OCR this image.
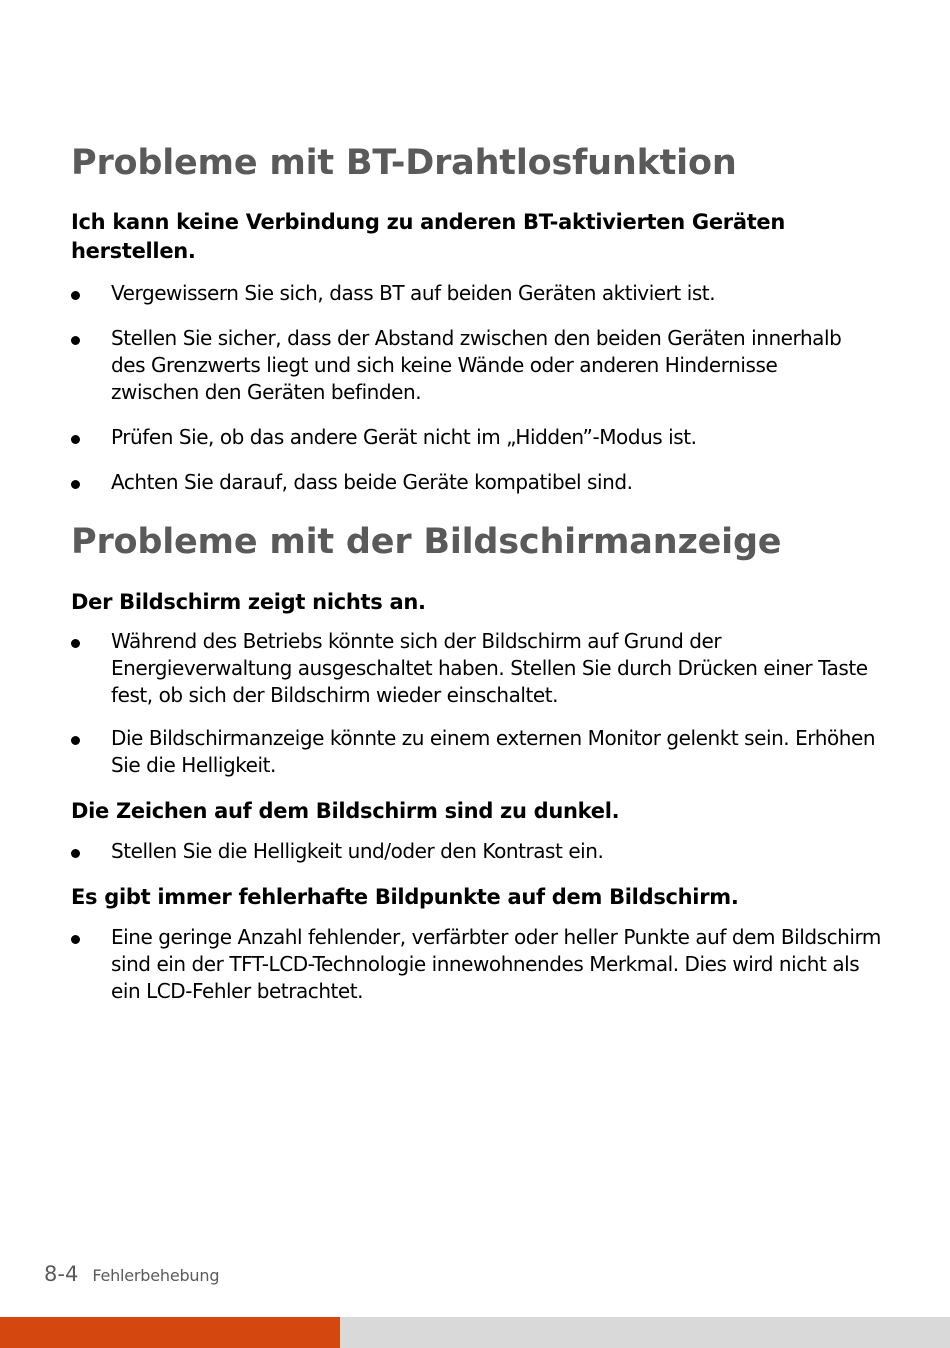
Probleme mit BT-Drahtlosfunktion
Ich kann keine Verbindung zu anderen BT-aktivierten Geräten herstellen.
Vergewissern Sie sich, dass BT auf beiden Geräten aktiviert ist.
Stellen Sie sicher, dass der Abstand zwischen den beiden Geräten innerhalb des Grenzwerts liegt und sich keine Wände oder anderen Hindernisse zwischen den Geräten befinden.
Prüfen Sie, ob das andere Gerät nicht im „Hidden”-Modus ist.
Achten Sie darauf, dass beide Geräte kompatibel sind.
Probleme mit der Bildschirmanzeige
Der Bildschirm zeigt nichts an.
Während des Betriebs könnte sich der Bildschirm auf Grund der Energieverwaltung ausgeschaltet haben. Stellen Sie durch Drücken einer Taste fest, ob sich der Bildschirm wieder einschaltet.
Die Bildschirmanzeige könnte zu einem externen Monitor gelenkt sein. Erhöhen Sie die Helligkeit.
Die Zeichen auf dem Bildschirm sind zu dunkel.
Stellen Sie die Helligkeit und/oder den Kontrast ein.
Es gibt immer fehlerhafte Bildpunkte auf dem Bildschirm.
Eine geringe Anzahl fehlender, verfärbter oder heller Punkte auf dem Bildschirm sind ein der TFT-LCD-Technologie innewohnendes Merkmal. Dies wird nicht als ein LCD-Fehler betrachtet.
8-4 Fehlerbehebung
